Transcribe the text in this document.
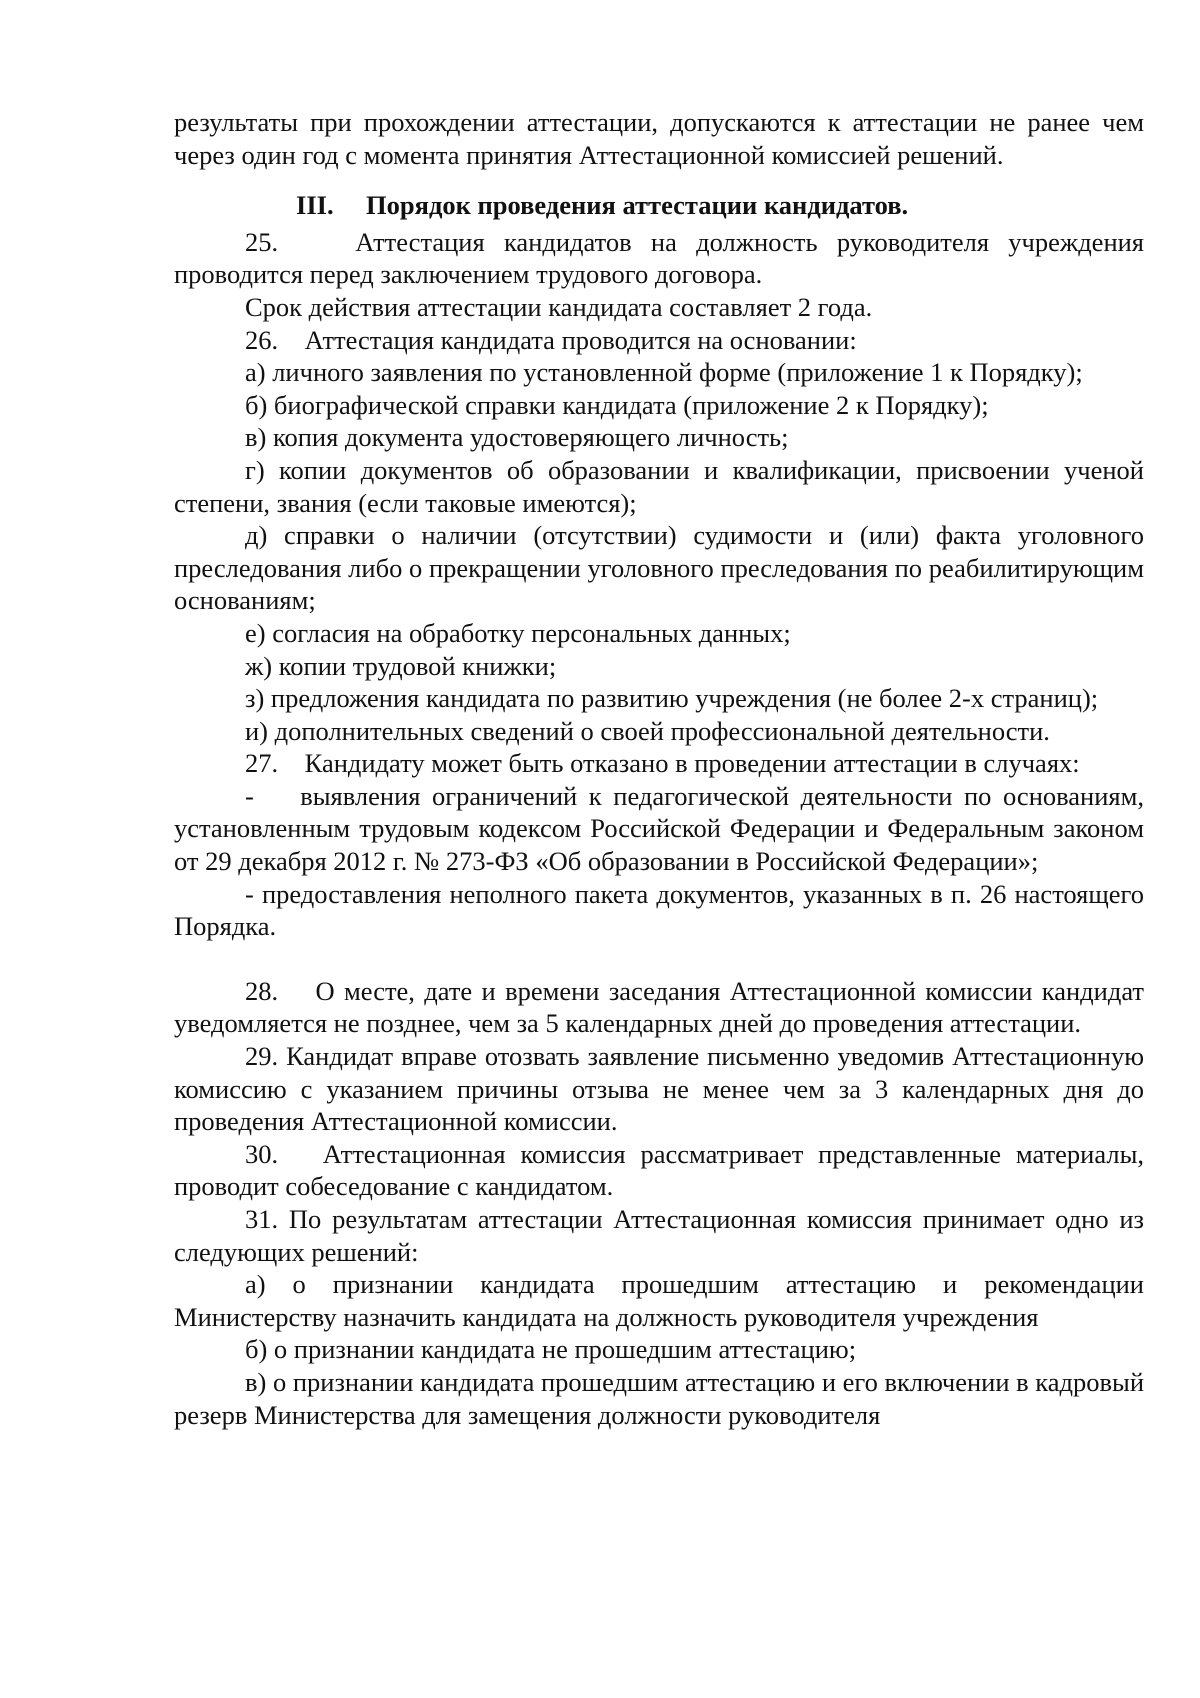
результаты при прохождении аттестации, допускаются к аттестации не ранее чем через один год с момента принятия Аттестационной комиссией решений.

III. Порядок проведения аттестации кандидатов.

25.    Аттестация кандидатов на должность руководителя учреждения проводится перед заключением трудового договора.

Срок действия аттестации кандидата составляет 2 года.

26.    Аттестация кандидата проводится на основании:

а) личного заявления по установленной форме (приложение 1 к Порядку);

б) биографической справки кандидата (приложение 2 к Порядку);

в) копия документа удостоверяющего личность;

г) копии документов об образовании и квалификации, присвоении ученой степени, звания (если таковые имеются);

д) справки о наличии (отсутствии) судимости и (или) факта уголовного преследования либо о прекращении уголовного преследования по реабилитирующим основаниям;

е) согласия на обработку персональных данных;

ж) копии трудовой книжки;

з) предложения кандидата по развитию учреждения (не более 2-х страниц);

и) дополнительных сведений о своей профессиональной деятельности.

27.    Кандидату может быть отказано в проведении аттестации в случаях:

-    выявления ограничений к педагогической деятельности по основаниям, установленным трудовым кодексом Российской Федерации и Федеральным законом от 29 декабря 2012 г. № 273-ФЗ «Об образовании в Российской Федерации»;

- предоставления неполного пакета документов, указанных в п. 26 настоящего Порядка.

28.    О месте, дате и времени заседания Аттестационной комиссии кандидат уведомляется не позднее, чем за 5 календарных дней до проведения аттестации.

29. Кандидат вправе отозвать заявление письменно уведомив Аттестационную комиссию с указанием причины отзыва не менее чем за 3 календарных дня до проведения Аттестационной комиссии.

30.   Аттестационная комиссия рассматривает представленные материалы, проводит собеседование с кандидатом.

31. По результатам аттестации Аттестационная комиссия принимает одно из следующих решений:

а) о признании кандидата прошедшим аттестацию и рекомендации Министерству назначить кандидата на должность руководителя учреждения

б) о признании кандидата не прошедшим аттестацию;

в) о признании кандидата прошедшим аттестацию и его включении в кадровый резерв Министерства для замещения должности руководителя
